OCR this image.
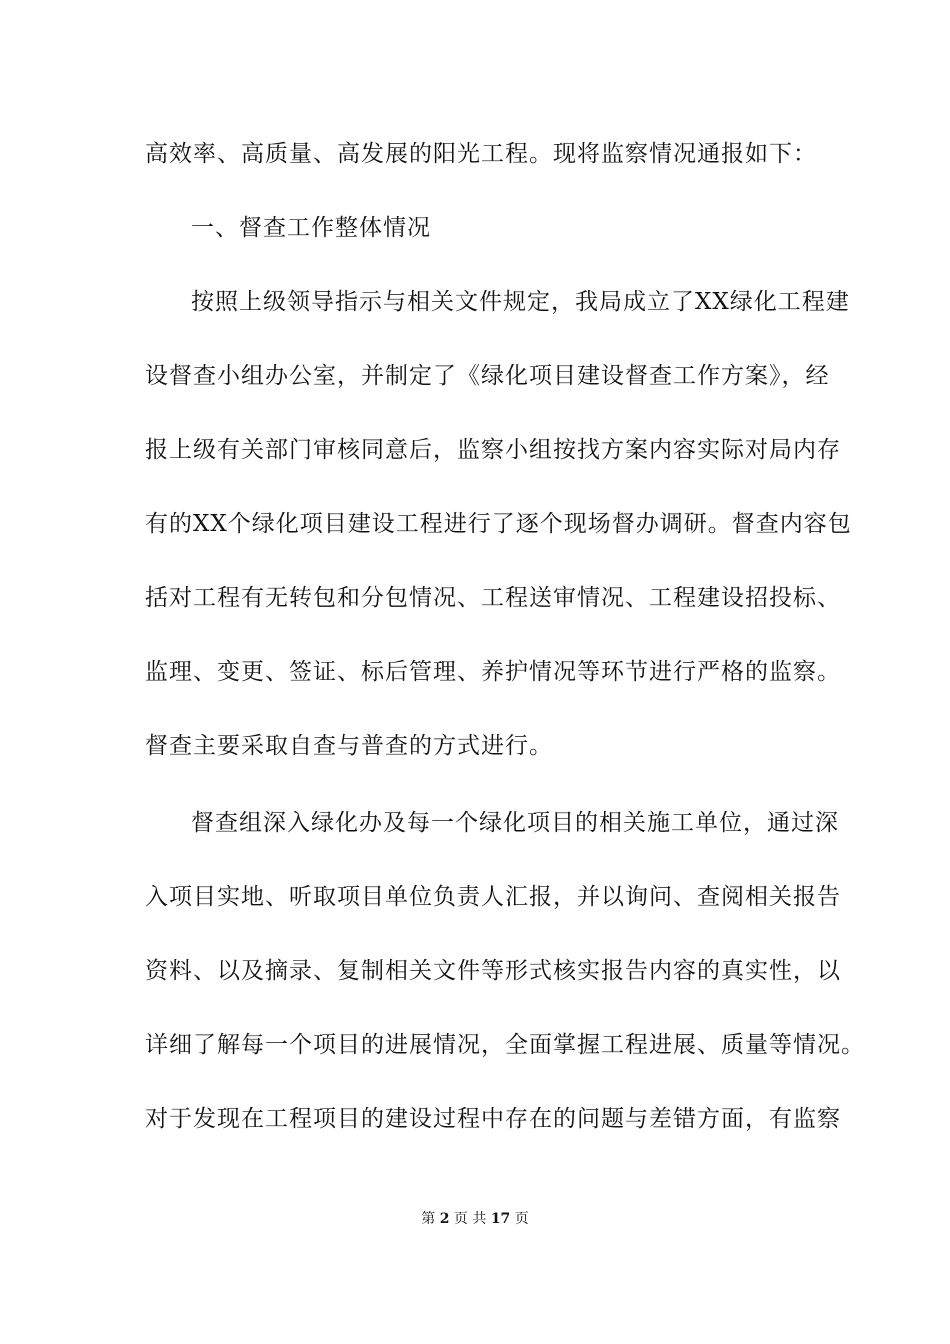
高效率、高质量、高发展的阳光工程。现将监察情况通报如下：
一、督查工作整体情况
按照上级领导指示与相关文件规定，我局成立了XX绿化工程建
设督查小组办公室，并制定了《绿化项目建设督查工作方案》，经
报上级有关部门审核同意后，监察小组按找方案内容实际对局内存
有的XX个绿化项目建设工程进行了逐个现场督办调研。督查内容包
括对工程有无转包和分包情况、工程送审情况、工程建设招投标、
监理、变更、签证、标后管理、养护情况等环节进行严格的监察。
督查主要采取自查与普查的方式进行。
督查组深入绿化办及每一个绿化项目的相关施工单位，通过深
入项目实地、听取项目单位负责人汇报，并以询问、查阅相关报告
资料、以及摘录、复制相关文件等形式核实报告内容的真实性，以
详细了解每一个项目的进展情况，全面掌握工程进展、质量等情况。
对于发现在工程项目的建设过程中存在的问题与差错方面，有监察
第 2 页 共 17 页
